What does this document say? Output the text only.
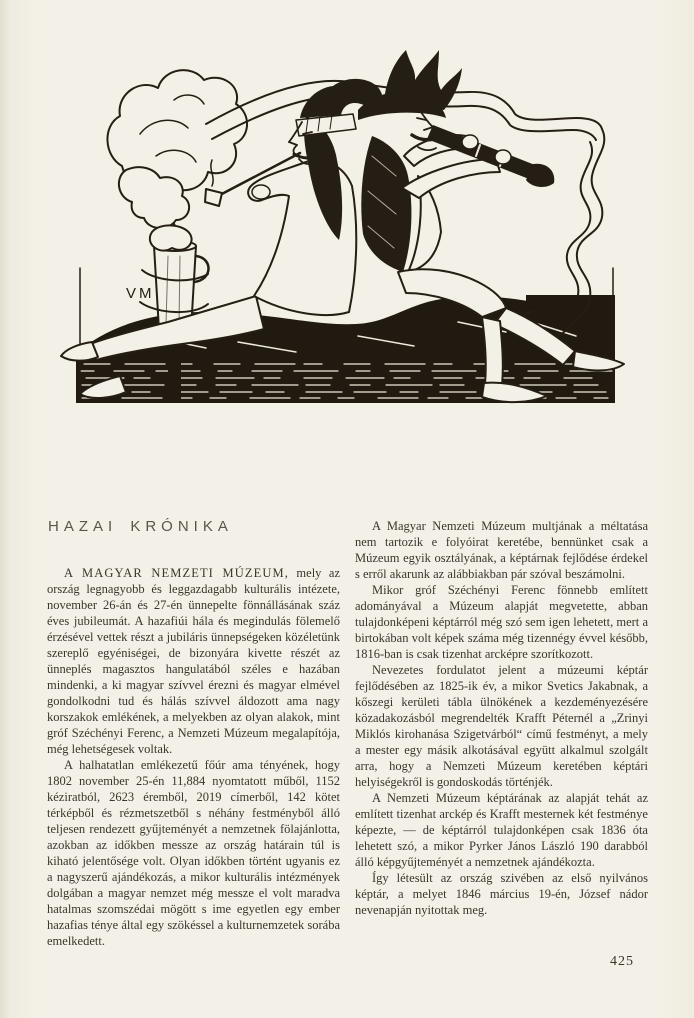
VM
HAZAI KRÓNIKA

A MAGYAR NEMZETI MÚZEUM, mely az ország legnagyobb és leggazdagabb kulturális intézete, november 26-án és 27-én ünnepelte fönnállásának száz éves jubileumát. A hazafiúi hála és megindulás fölemelő érzésével vettek részt a jubiláris ünnepségeken közéletünk szereplő egyéniségei, de bizonyára kivette részét az ünneplés magasztos hangulatából széles e hazában mindenki, a ki magyar szívvel érezni és magyar elmével gondolkodni tud és hálás szívvel áldozott ama nagy korszakok emlékének, a melyekben az olyan alakok, mint gróf Széchényi Ferenc, a Nemzeti Múzeum megalapítója, még lehetségesek voltak.

A halhatatlan emlékezetű főúr ama tényének, hogy 1802 november 25-én 11,884 nyomtatott műből, 1152 kéziratból, 2623 éremből, 2019 címerből, 142 kötet térképből és rézmetszetből s néhány festményből álló teljesen rendezett gyűjteményét a nemzetnek fölajánlotta, azokban az időkben messze az ország határain túl is kiható jelentősége volt. Olyan időkben történt ugyanis ez a nagyszerű ajándékozás, a mikor kulturális intézmények dolgában a magyar nemzet még messze el volt maradva hatalmas szomszédai mögött s ime egyetlen egy ember hazafias ténye által egy szökéssel a kulturnemzetek sorába emelkedett.

A Magyar Nemzeti Múzeum multjának a méltatása nem tartozik e folyóirat keretébe, bennünket csak a Múzeum egyik osztályának, a képtárnak fejlődése érdekel s erről akarunk az alábbiakban pár szóval beszámolni.

Mikor gróf Széchényi Ferenc fönnebb említett adományával a Múzeum alapját megvetette, abban tulajdonképeni képtárról még szó sem igen lehetett, mert a birtokában volt képek száma még tizennégy évvel később, 1816-ban is csak tizenhat arcképre szorítkozott.

Nevezetes fordulatot jelent a múzeumi képtár fejlődésében az 1825-ik év, a mikor Svetics Jakabnak, a kőszegi kerületi tábla ülnökének a kezdeményezésére közadakozásból megrendelték Krafft Péternél a „Zrinyi Miklós kirohanása Szigetvárból“ című festményt, a mely a mester egy másik alkotásával együtt alkalmul szolgált arra, hogy a Nemzeti Múzeum keretében képtári helyiségekről is gondoskodás történjék.

A Nemzeti Múzeum képtárának az alapját tehát az említett tizenhat arckép és Krafft mesternek két festménye képezte, — de képtárról tulajdonképen csak 1836 óta lehetett szó, a mikor Pyrker János László 190 darabból álló képgyűjteményét a nemzetnek ajándékozta.

Így létesült az ország szivében az első nyilvános képtár, a melyet 1846 március 19-én, József nádor nevenapján nyitottak meg.

425
